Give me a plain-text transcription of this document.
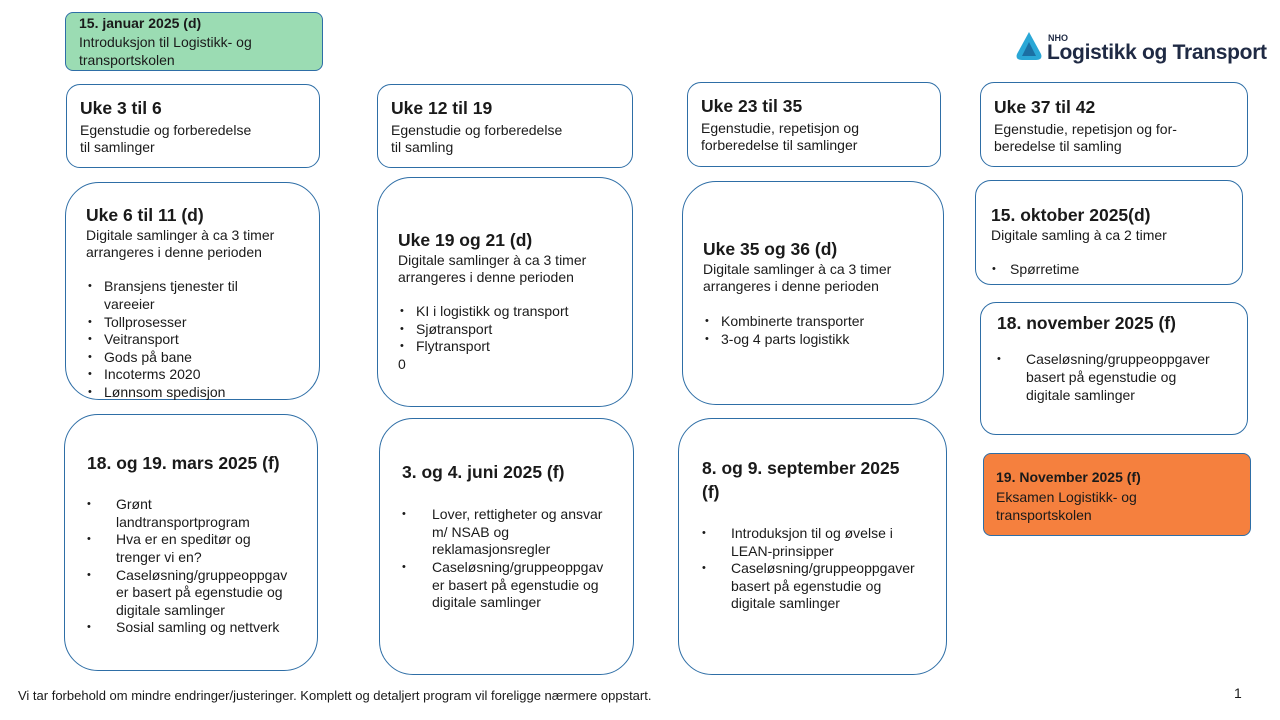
NHO
Logistikk og Transport
15. januar 2025 (d)
Introduksjon til Logistikk- og
transportskolen
Uke 3 til 6
Egenstudie og forberedelse
til samlinger
Uke 6 til 11 (d)
Digitale samlinger à ca 3 timer
arrangeres i denne perioden
• Bransjens tjenester til
vareeier
• Tollprosesser
• Veitransport
• Gods på bane
• Incoterms 2020
• Lønnsom spedisjon
18. og 19. mars 2025 (f)
• Grønt
landtransportprogram
• Hva er en speditør og
trenger vi en?
• Caseløsning/gruppeoppgav
er basert på egenstudie og
digitale samlinger
• Sosial samling og nettverk
Uke 12 til 19
Egenstudie og forberedelse
til samling
Uke 19 og 21 (d)
Digitale samlinger à ca 3 timer
arrangeres i denne perioden
• KI i logistikk og transport
• Sjøtransport
• Flytransport
0
3. og 4. juni 2025 (f)
• Lover, rettigheter og ansvar
m/ NSAB og
reklamasjonsregler
• Caseløsning/gruppeoppgav
er basert på egenstudie og
digitale samlinger
Uke 23 til 35
Egenstudie, repetisjon og
forberedelse til samlinger
Uke 35 og 36 (d)
Digitale samlinger à ca 3 timer
arrangeres i denne perioden
• Kombinerte transporter
• 3-og 4 parts logistikk
8. og 9. september 2025
(f)
• Introduksjon til og øvelse i
LEAN-prinsipper
• Caseløsning/gruppeoppgaver
basert på egenstudie og
digitale samlinger
Uke 37 til 42
Egenstudie, repetisjon og for-
beredelse til samling
15. oktober 2025(d)
Digitale samling à ca 2 timer
• Spørretime
18. november 2025 (f)
• Caseløsning/gruppeoppgaver
basert på egenstudie og
digitale samlinger
19. November 2025 (f)
Eksamen Logistikk- og
transportskolen
Vi tar forbehold om mindre endringer/justeringer. Komplett og detaljert program vil foreligge nærmere oppstart.	1
